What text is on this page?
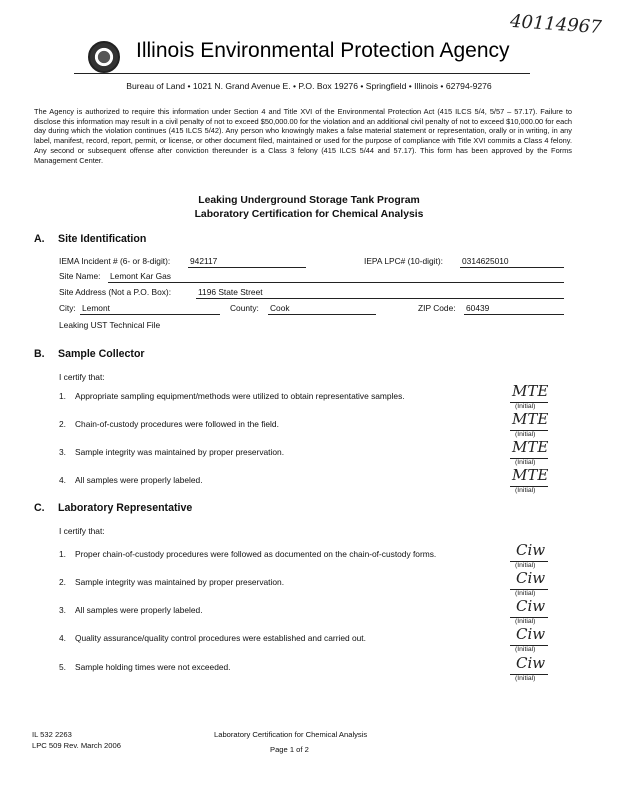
40114967
Illinois Environmental Protection Agency
Bureau of Land • 1021 N. Grand Avenue E. • P.O. Box 19276 • Springfield • Illinois • 62794-9276
The Agency is authorized to require this information under Section 4 and Title XVI of the Environmental Protection Act (415 ILCS 5/4, 5/57 – 57.17). Failure to disclose this information may result in a civil penalty of not to exceed $50,000.00 for the violation and an additional civil penalty of not to exceed $10,000.00 for each day during which the violation continues (415 ILCS 5/42). Any person who knowingly makes a false material statement or representation, orally or in writing, in any label, manifest, record, report, permit, or license, or other document filed, maintained or used for the purpose of compliance with Title XVI commits a Class 4 felony. Any second or subsequent offense after conviction thereunder is a Class 3 felony (415 ILCS 5/44 and 57.17). This form has been approved by the Forms Management Center.
Leaking Underground Storage Tank Program
Laboratory Certification for Chemical Analysis
A. Site Identification
IEMA Incident # (6- or 8-digit): 942117	IEPA LPC# (10-digit): 0314625010
Site Name: Lemont Kar Gas
Site Address (Not a P.O. Box):	1196 State Street
City: Lemont	County: Cook	ZIP Code: 60439
Leaking UST Technical File
B. Sample Collector
I certify that:
1. Appropriate sampling equipment/methods were utilized to obtain representative samples.	MTE
(Initial)
2. Chain-of-custody procedures were followed in the field.	MTE
(Initial)
3. Sample integrity was maintained by proper preservation.	MTE
(Initial)
4. All samples were properly labeled.	MTE
(Initial)
C. Laboratory Representative
I certify that:
1. Proper chain-of-custody procedures were followed as documented on the chain-of-custody forms.	Ciw
(Initial)
2. Sample integrity was maintained by proper preservation.	Ciw
(Initial)
3. All samples were properly labeled.	Ciw
(Initial)
4. Quality assurance/quality control procedures were established and carried out.	Ciw
(Initial)
5. Sample holding times were not exceeded.	Ciw
(Initial)
IL 532 2263
LPC 509 Rev. March 2006
Laboratory Certification for Chemical Analysis
Page 1 of 2
